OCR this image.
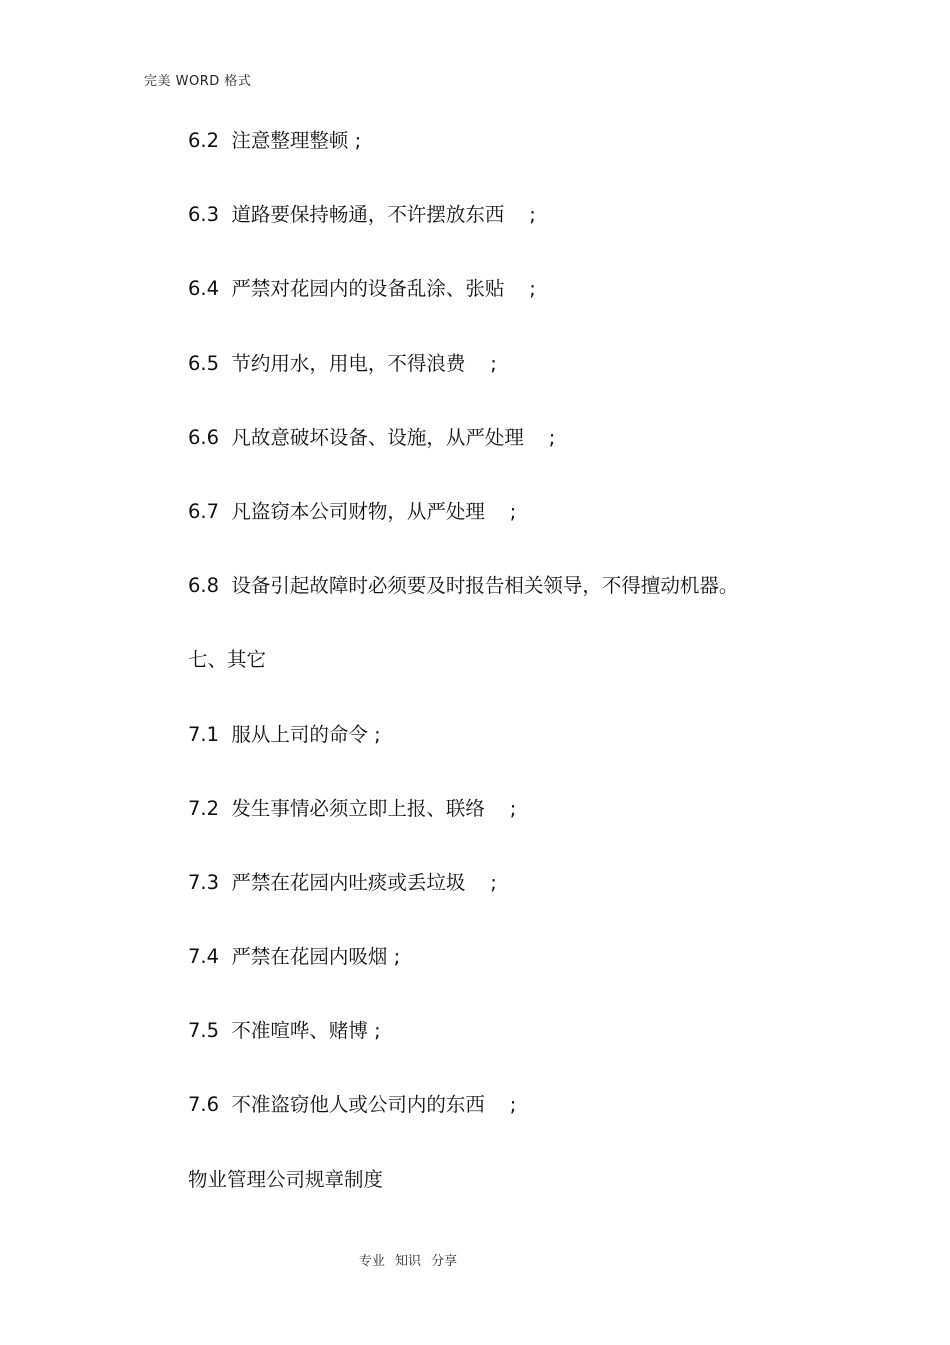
完美 WORD 格式
6.2  注意整理整顿 ;
6.3  道路要保持畅通，不许摆放东西    ;
6.4  严禁对花园内的设备乱涂、张贴    ;
6.5  节约用水，用电，不得浪费    ;
6.6  凡故意破坏设备、设施，从严处理    ;
6.7  凡盗窃本公司财物，从严处理    ;
6.8  设备引起故障时必须要及时报告相关领导，不得擅动机器。
七、其它
7.1  服从上司的命令 ;
7.2  发生事情必须立即上报、联络    ;
7.3  严禁在花园内吐痰或丢垃圾    ;
7.4  严禁在花园内吸烟 ;
7.5  不准喧哗、赌博 ;
7.6  不准盗窃他人或公司内的东西    ;
物业管理公司规章制度
专业 知识 分享
